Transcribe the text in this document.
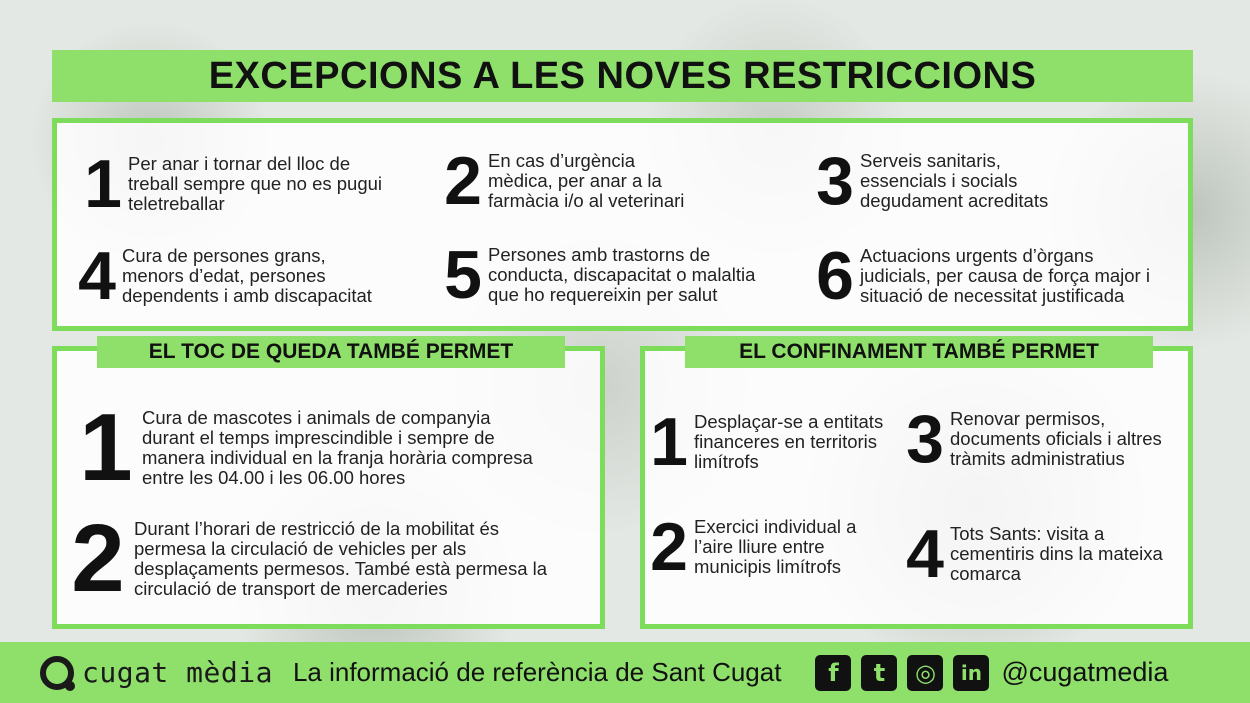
EXCEPCIONS A LES NOVES RESTRICCIONS
1 Per anar i tornar del lloc de
treball sempre que no es pugui
teletreballar	2 En cas d’urgència
mèdica, per anar a la
farmàcia i/o al veterinari 3 Serveis sanitaris,
essencials i socials
degudament acreditats
4 Cura de persones grans,
menors d’edat, persones
dependents i amb discapacitat 5 Persones amb trastorns de
conducta, discapacitat o malaltia
que ho requereixin per salut	6 Actuacions urgents d’òrgans
judicials, per causa de força major i
situació de necessitat justificada
EL TOC DE QUEDA TAMBÉ PERMET
1 Cura de mascotes i animals de companyia
durant el temps imprescindible i sempre de
manera individual en la franja horària compresa
entre les 04.00 i les 06.00 hores
2 Durant l’horari de restricció de la mobilitat és
permesa la circulació de vehicles per als
desplaçaments permesos. També està permesa la
circulació de transport de mercaderies
EL CONFINAMENT TAMBÉ PERMET
1 Desplaçar-se a entitats
financeres en territoris
limítrofs	3 Renovar permisos,
documents oficials i altres
tràmits administratius
2 Exercici individual a
l’aire lliure entre
municipis limítrofs 4 Tots Sants: visita a
cementiris dins la mateixa
comarca
cugat mèdia La informació de referència de Sant Cugat	f	t	◎	in @cugatmedia
